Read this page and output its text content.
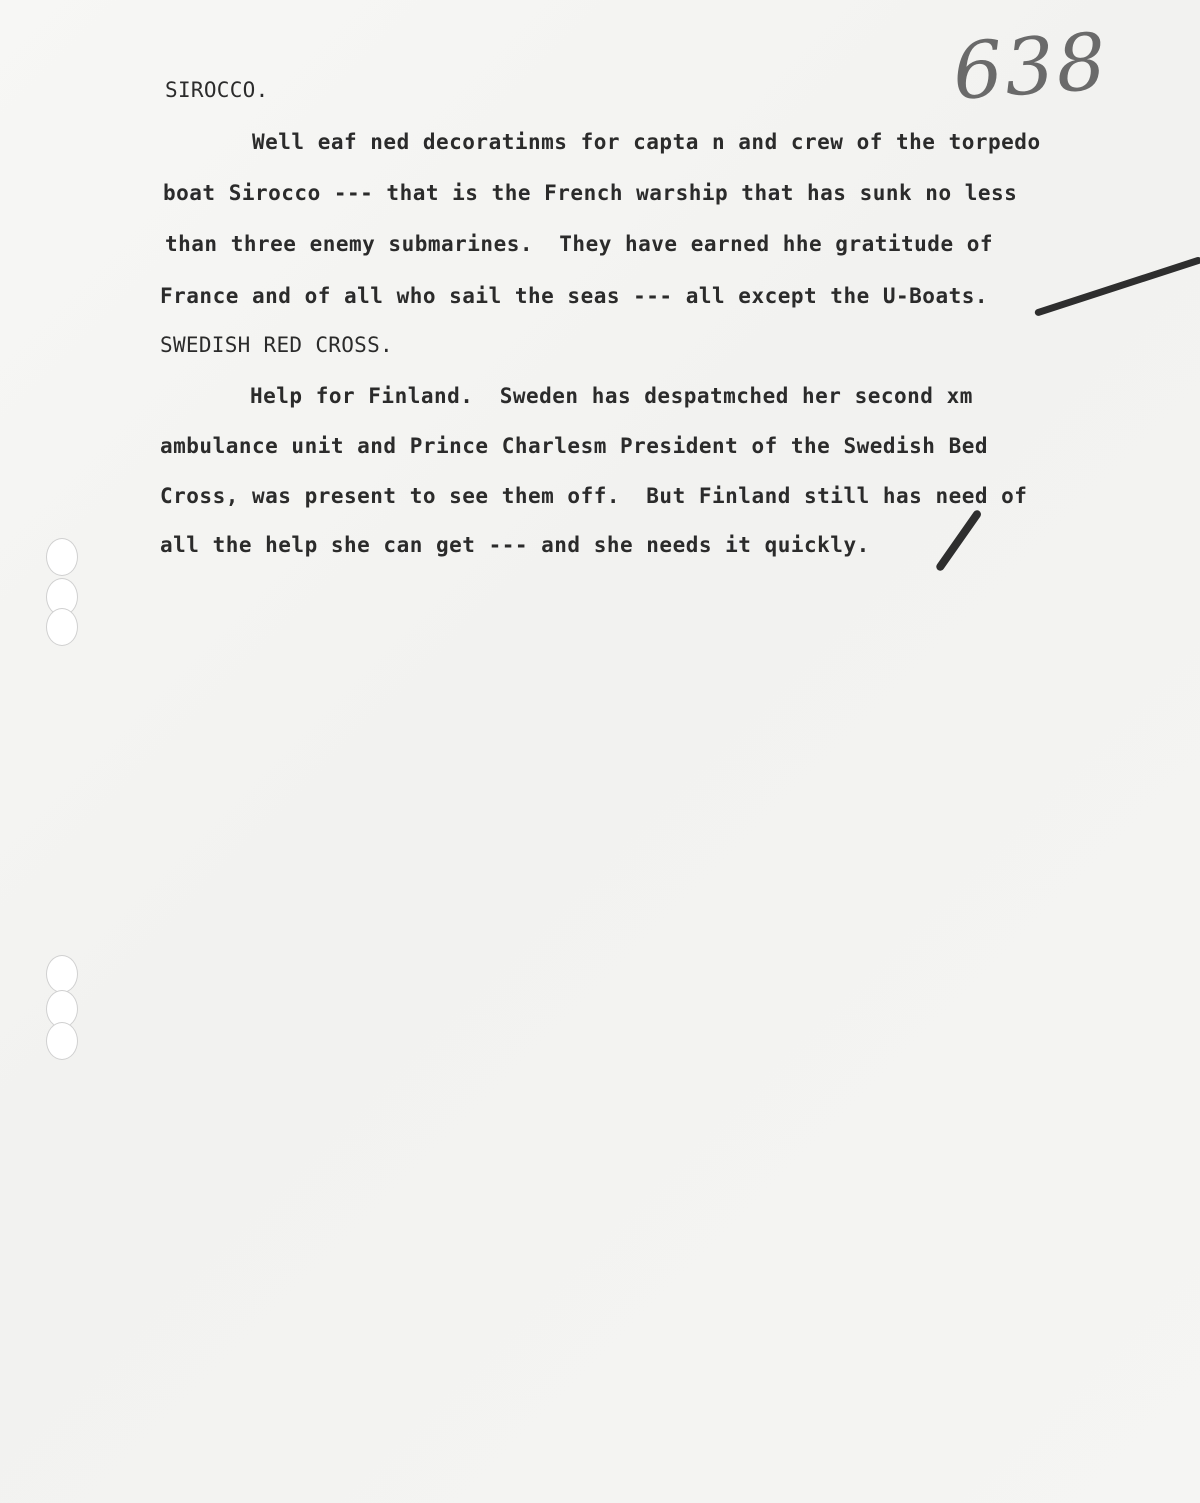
638
SIROCCO.
Well eaf ned decoratinms for capta n and crew of the torpedo
boat Sirocco --- that is the French warship that has sunk no less
than three enemy submarines.  They have earned hhe gratitude of
France and of all who sail the seas --- all except the U-Boats.
SWEDISH RED CROSS.
Help for Finland.  Sweden has despatmched her second xm
ambulance unit and Prince Charlesm President of the Swedish Bed
Cross, was present to see them off.  But Finland still has need of
all the help she can get --- and she needs it quickly.
